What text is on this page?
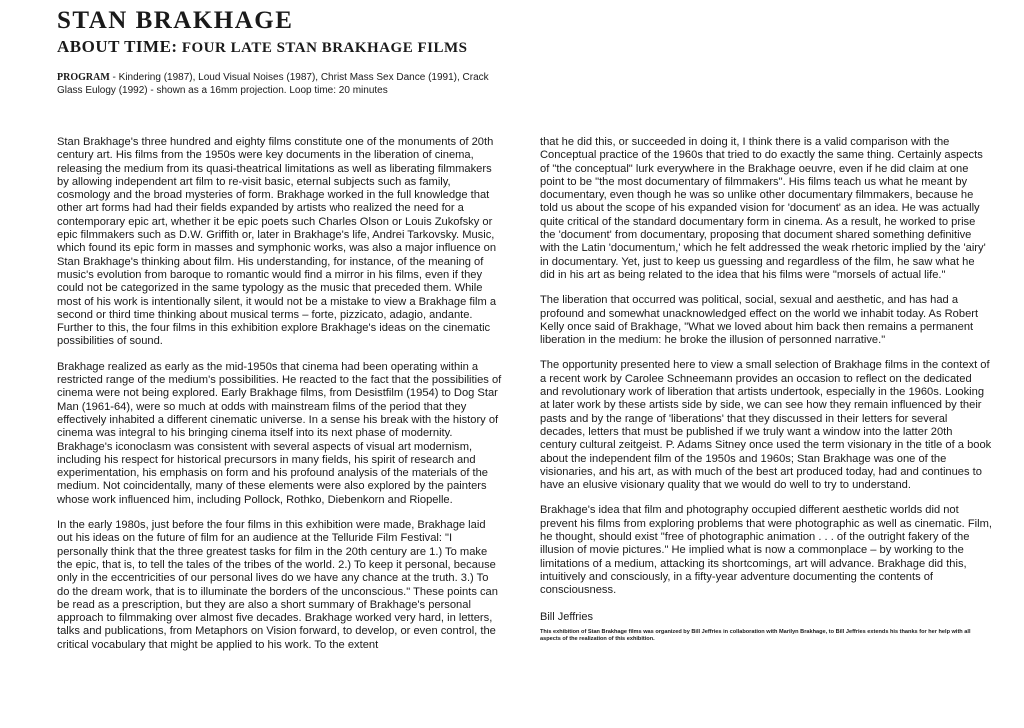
STAN BRAKHAGE
ABOUT TIME: FOUR LATE STAN BRAKHAGE FILMS
PROGRAM - Kindering (1987), Loud Visual Noises (1987), Christ Mass Sex Dance (1991), Crack Glass Eulogy (1992) - shown as a 16mm projection. Loop time: 20 minutes

Stan Brakhage's three hundred and eighty films constitute one of the monuments of 20th century art. His films from the 1950s were key documents in the liberation of cinema, releasing the medium from its quasi-theatrical limitations as well as liberating filmmakers by allowing independent art film to re-visit basic, eternal subjects such as family, cosmology and the broad mysteries of form. Brakhage worked in the full knowledge that other art forms had had their fields expanded by artists who realized the need for a contemporary epic art, whether it be epic poets such Charles Olson or Louis Zukofsky or epic filmmakers such as D.W. Griffith or, later in Brakhage's life, Andrei Tarkovsky. Music, which found its epic form in masses and symphonic works, was also a major influence on Stan Brakhage's thinking about film. His understanding, for instance, of the meaning of music's evolution from baroque to romantic would find a mirror in his films, even if they could not be categorized in the same typology as the music that preceded them. While most of his work is intentionally silent, it would not be a mistake to view a Brakhage film a second or third time thinking about musical terms – forte, pizzicato, adagio, andante. Further to this, the four films in this exhibition explore Brakhage's ideas on the cinematic possibilities of sound.

Brakhage realized as early as the mid-1950s that cinema had been operating within a restricted range of the medium's possibilities. He reacted to the fact that the possibilities of cinema were not being explored. Early Brakhage films, from Desistfilm (1954) to Dog Star Man (1961-64), were so much at odds with mainstream films of the period that they effectively inhabited a different cinematic universe. In a sense his break with the history of cinema was integral to his bringing cinema itself into its next phase of modernity. Brakhage's iconoclasm was consistent with several aspects of visual art modernism, including his respect for historical precursors in many fields, his spirit of research and experimentation, his emphasis on form and his profound analysis of the materials of the medium. Not coincidentally, many of these elements were also explored by the painters whose work influenced him, including Pollock, Rothko, Diebenkorn and Riopelle.

In the early 1980s, just before the four films in this exhibition were made, Brakhage laid out his ideas on the future of film for an audience at the Telluride Film Festival: "I personally think that the three greatest tasks for film in the 20th century are 1.) To make the epic, that is, to tell the tales of the tribes of the world. 2.) To keep it personal, because only in the eccentricities of our personal lives do we have any chance at the truth. 3.) To do the dream work, that is to illuminate the borders of the unconscious." These points can be read as a prescription, but they are also a short summary of Brakhage's personal approach to filmmaking over almost five decades. Brakhage worked very hard, in letters, talks and publications, from Metaphors on Vision forward, to develop, or even control, the critical vocabulary that might be applied to his work. To the extent

that he did this, or succeeded in doing it, I think there is a valid comparison with the Conceptual practice of the 1960s that tried to do exactly the same thing. Certainly aspects of "the conceptual" lurk everywhere in the Brakhage oeuvre, even if he did claim at one point to be "the most documentary of filmmakers". His films teach us what he meant by documentary, even though he was so unlike other documentary filmmakers, because he told us about the scope of his expanded vision for 'document' as an idea. He was actually quite critical of the standard documentary form in cinema. As a result, he worked to prise the 'document' from documentary, proposing that document shared something definitive with the Latin 'documentum,' which he felt addressed the weak rhetoric implied by the 'airy' in documentary. Yet, just to keep us guessing and regardless of the film, he saw what he did in his art as being related to the idea that his films were "morsels of actual life."

The liberation that occurred was political, social, sexual and aesthetic, and has had a profound and somewhat unacknowledged effect on the world we inhabit today. As Robert Kelly once said of Brakhage, "What we loved about him back then remains a permanent liberation in the medium: he broke the illusion of personned narrative."

The opportunity presented here to view a small selection of Brakhage films in the context of a recent work by Carolee Schneemann provides an occasion to reflect on the dedicated and revolutionary work of liberation that artists undertook, especially in the 1960s. Looking at later work by these artists side by side, we can see how they remain influenced by their pasts and by the range of 'liberations' that they discussed in their letters for several decades, letters that must be published if we truly want a window into the latter 20th century cultural zeitgeist. P. Adams Sitney once used the term visionary in the title of a book about the independent film of the 1950s and 1960s; Stan Brakhage was one of the visionaries, and his art, as with much of the best art produced today, had and continues to have an elusive visionary quality that we would do well to try to understand.

Brakhage's idea that film and photography occupied different aesthetic worlds did not prevent his films from exploring problems that were photographic as well as cinematic. Film, he thought, should exist "free of photographic animation . . . of the outright fakery of the illusion of movie pictures." He implied what is now a commonplace – by working to the limitations of a medium, attacking its shortcomings, art will advance. Brakhage did this, intuitively and consciously, in a fifty-year adventure documenting the contents of consciousness.

Bill Jeffries
This exhibition of Stan Brakhage films was organized by Bill Jeffries in collaboration with Marilyn Brakhage, to Bill Jeffries extends his thanks for her help with all aspects of the realization of this exhibition.
